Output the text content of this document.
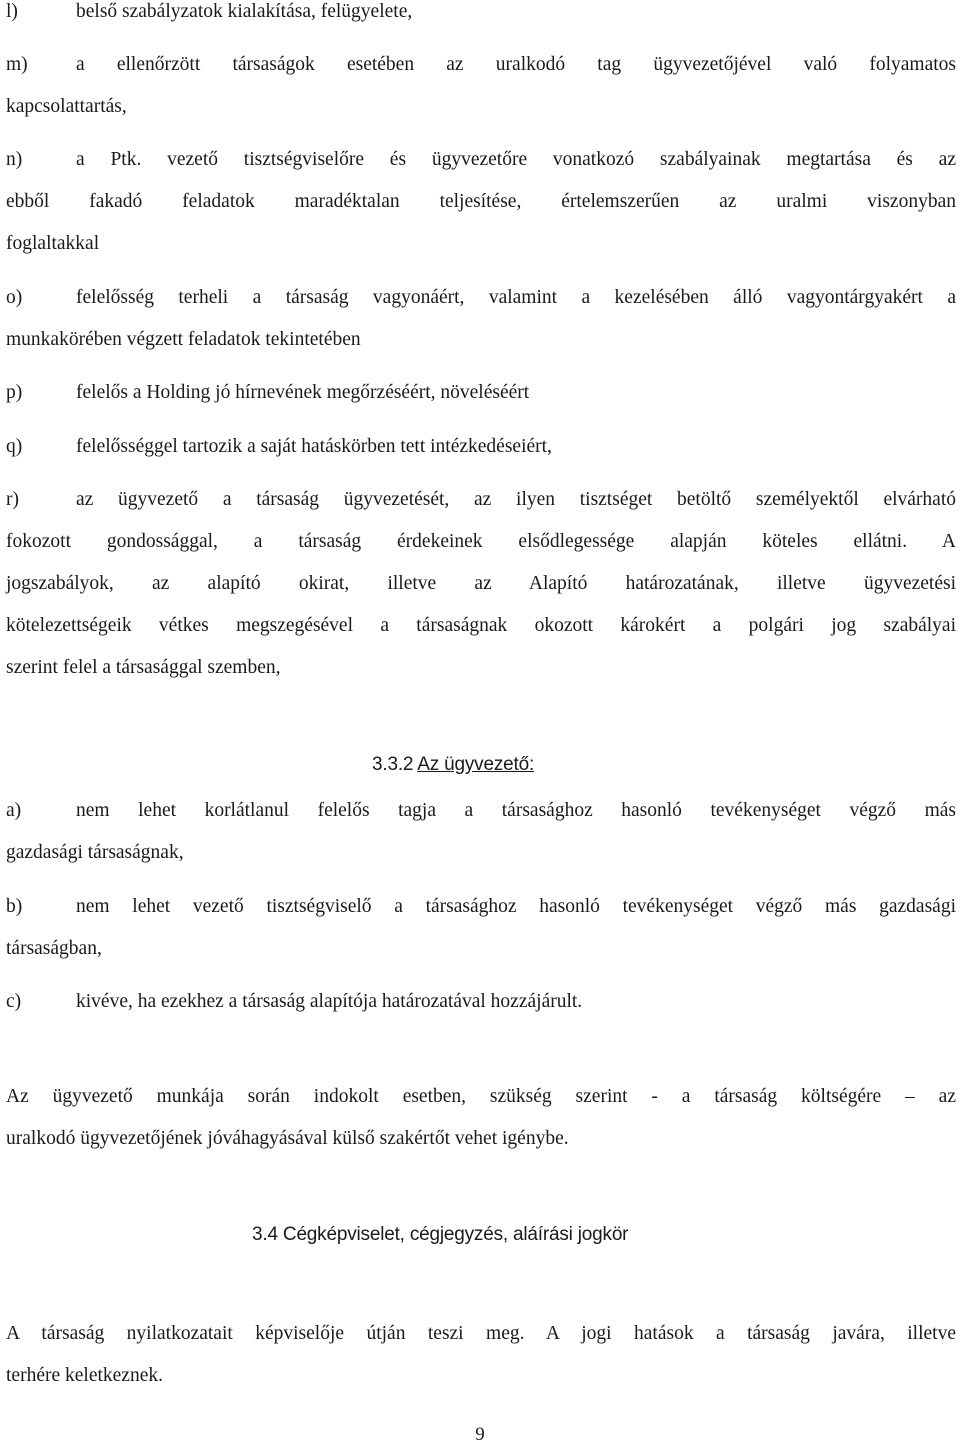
l)	belső szabályzatok kialakítása, felügyelete,
m)	a ellenőrzött társaságok esetében az uralkodó tag ügyvezetőjével való folyamatos
kapcsolattartás,
n)	a Ptk. vezető tisztségviselőre és ügyvezetőre vonatkozó szabályainak megtartása és az
ebből fakadó feladatok maradéktalan teljesítése, értelemszerűen az uralmi viszonyban
foglaltakkal
o)	felelősség terheli a társaság vagyonáért, valamint a kezelésében álló vagyontárgyakért a
munkakörében végzett feladatok tekintetében
p)	felelős a Holding jó hírnevének megőrzéséért, növeléséért
q)	felelősséggel tartozik a saját hatáskörben tett intézkedéseiért,
r)	az ügyvezető a társaság ügyvezetését, az ilyen tisztséget betöltő személyektől elvárható
fokozott gondossággal, a társaság érdekeinek elsődlegessége alapján köteles ellátni. A
jogszabályok, az alapító okirat, illetve az Alapító határozatának, illetve ügyvezetési
kötelezettségeik vétkes megszegésével a társaságnak okozott károkért a polgári jog szabályai
szerint felel a társasággal szemben,
3.3.2 Az ügyvezető:
a)	nem lehet korlátlanul felelős tagja a társasághoz hasonló tevékenységet végző más
gazdasági társaságnak,
b)	nem lehet vezető tisztségviselő a társasághoz hasonló tevékenységet végző más gazdasági
társaságban,
c)	kivéve, ha ezekhez a társaság alapítója határozatával hozzájárult.
Az ügyvezető munkája során indokolt esetben, szükség szerint - a társaság költségére – az
uralkodó ügyvezetőjének jóváhagyásával külső szakértőt vehet igénybe.
3.4 Cégképviselet, cégjegyzés, aláírási jogkör
A társaság nyilatkozatait képviselője útján teszi meg. A jogi hatások a társaság javára, illetve
terhére keletkeznek.
9
